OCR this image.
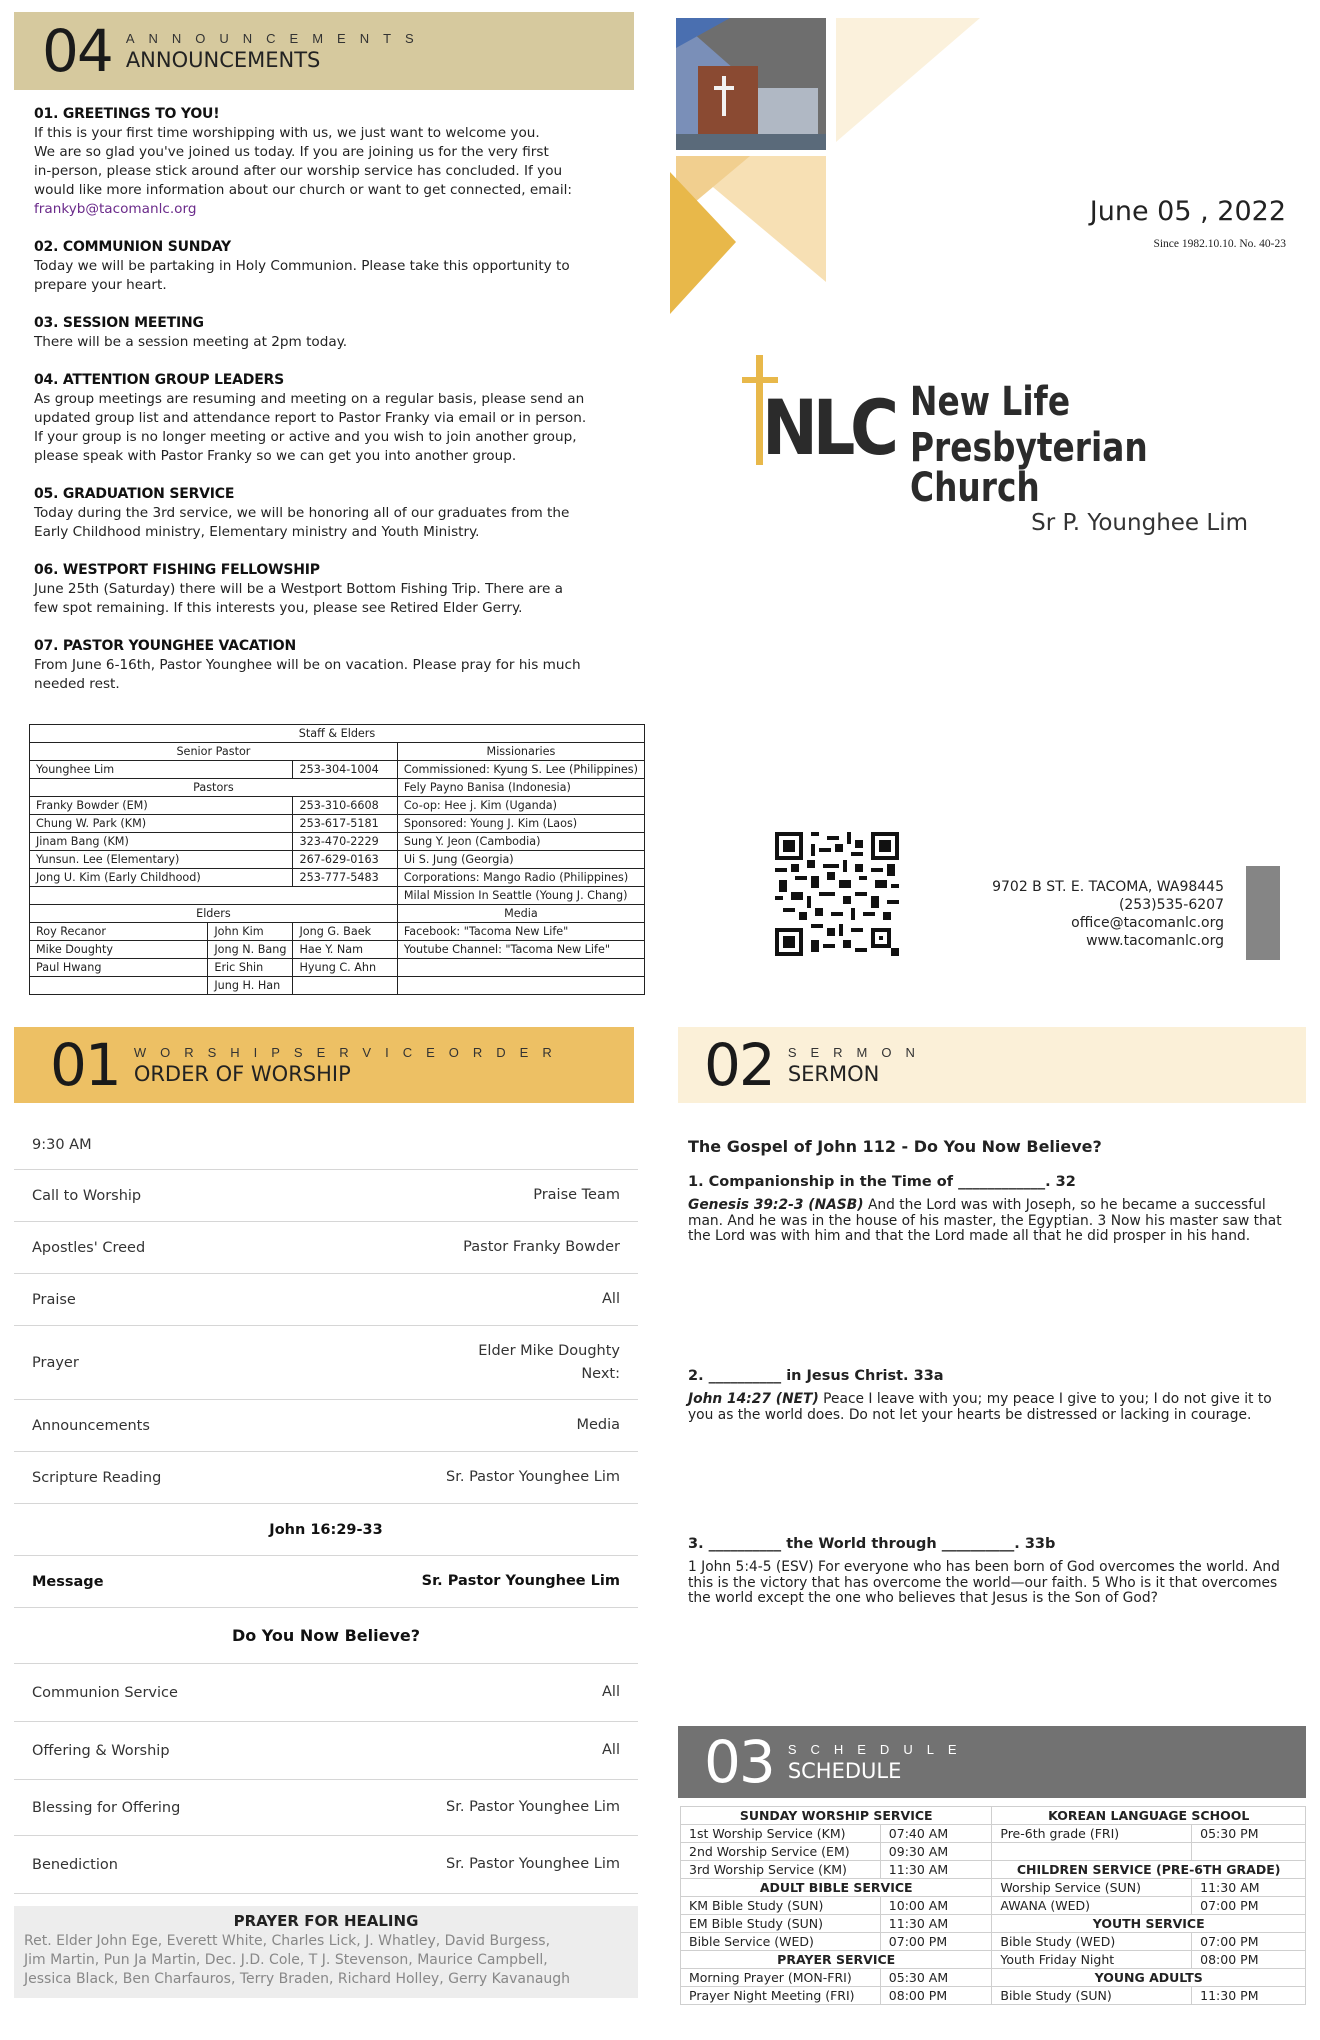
04 ANNOUNCEMENTS
ANNOUNCEMENTS
01. GREETINGS TO YOU!
If this is your first time worshipping with us, we just want to welcome you.
We are so glad you've joined us today. If you are joining us for the very first
in-person, please stick around after our worship service has concluded. If you
would like more information about our church or want to get connected, email:
frankyb@tacomanlc.org
02. COMMUNION SUNDAY
Today we will be partaking in Holy Communion. Please take this opportunity to
prepare your heart.
03. SESSION MEETING
There will be a session meeting at 2pm today.
04. ATTENTION GROUP LEADERS
As group meetings are resuming and meeting on a regular basis, please send an
updated group list and attendance report to Pastor Franky via email or in person.
If your group is no longer meeting or active and you wish to join another group,
please speak with Pastor Franky so we can get you into another group.
05. GRADUATION SERVICE
Today during the 3rd service, we will be honoring all of our graduates from the
Early Childhood ministry, Elementary ministry and Youth Ministry.
06. WESTPORT FISHING FELLOWSHIP
June 25th (Saturday) there will be a Westport Bottom Fishing Trip. There are a
few spot remaining. If this interests you, please see Retired Elder Gerry.
07. PASTOR YOUNGHEE VACATION
From June 6-16th, Pastor Younghee will be on vacation. Please pray for his much
needed rest.
Staff & Elders			
Senior Pastor			Missionaries
Younghee Lim		253-304-1004	Commissioned: Kyung S. Lee (Philippines)
Pastors			Fely Payno Banisa (Indonesia)
Franky Bowder (EM)		253-310-6608	Co-op: Hee j. Kim (Uganda)
Chung W. Park (KM)		253-617-5181	Sponsored: Young J. Kim (Laos)
Jinam Bang (KM)		323-470-2229	Sung Y. Jeon (Cambodia)
Yunsun. Lee (Elementary)		267-629-0163	Ui S. Jung (Georgia)
Jong U. Kim (Early Childhood)		253-777-5483	Corporations: Mango Radio (Philippines)
			Milal Mission In Seattle (Young J. Chang)
Elders			Media
Roy Recanor	John Kim	Jong G. Baek	Facebook: "Tacoma New Life"
Mike Doughty	Jong N. Bang	Hae Y. Nam	Youtube Channel: "Tacoma New Life"
Paul Hwang	Eric Shin	Hyung C. Ahn	
	Jung H. Han		
June 05 , 2022
Since 1982.10.10. No. 40-23
NLC New Life
Presbyterian Church
Sr P. Younghee Lim
9702 B ST. E. TACOMA, WA98445
(253)535-6207
office@tacomanlc.org
www.tacomanlc.org
01 WORSHIPSERVICEORDER
ORDER OF WORSHIP
9:30 AM
Call to Worship	Praise Team
Apostles' Creed	Pastor Franky Bowder
Praise	All
Prayer
Elder Mike Doughty
Next:
Announcements	Media
Scripture Reading	Sr. Pastor Younghee Lim
John 16:29-33
Message	Sr. Pastor Younghee Lim
Do You Now Believe?
Communion Service	All
Offering & Worship	All
Blessing for Offering	Sr. Pastor Younghee Lim
Benediction	Sr. Pastor Younghee Lim
PRAYER FOR HEALING
Ret. Elder John Ege, Everett White, Charles Lick, J. Whatley, David Burgess,
Jim Martin, Pun Ja Martin, Dec. J.D. Cole, T J. Stevenson, Maurice Campbell,
Jessica Black, Ben Charfauros, Terry Braden, Richard Holley, Gerry Kavanaugh
02 SERMON
SERMON
The Gospel of John 112 - Do You Now Believe?
1. Companionship in the Time of ____________. 32
Genesis 39:2-3 (NASB) And the Lord was with Joseph, so he became a successful man. And he was in the house of his master, the Egyptian. 3 Now his master saw that the Lord was with him and that the Lord made all that he did prosper in his hand.
2. __________ in Jesus Christ. 33a
John 14:27 (NET) Peace I leave with you; my peace I give to you; I do not give it to you as the world does. Do not let your hearts be distressed or lacking in courage.
3. __________ the World through __________. 33b
1 John 5:4-5 (ESV) For everyone who has been born of God overcomes the world. And this is the victory that has overcome the world—our faith. 5 Who is it that overcomes the world except the one who believes that Jesus is the Son of God?
03 SCHEDULE
SCHEDULE
SUNDAY WORSHIP SERVICE		KOREAN LANGUAGE SCHOOL	
1st Worship Service (KM)	07:40 AM	Pre-6th grade (FRI)	05:30 PM
2nd Worship Service (EM)	09:30 AM		
3rd Worship Service (KM)	11:30 AM	CHILDREN SERVICE (PRE-6TH GRADE)	
ADULT BIBLE SERVICE		Worship Service (SUN)	11:30 AM
KM Bible Study (SUN)	10:00 AM	AWANA (WED)	07:00 PM
EM Bible Study (SUN)	11:30 AM	YOUTH SERVICE	
Bible Service (WED)	07:00 PM	Bible Study (WED)	07:00 PM
PRAYER SERVICE		Youth Friday Night	08:00 PM
Morning Prayer (MON-FRI)	05:30 AM	YOUNG ADULTS	
Prayer Night Meeting (FRI)	08:00 PM	Bible Study (SUN)	11:30 PM
